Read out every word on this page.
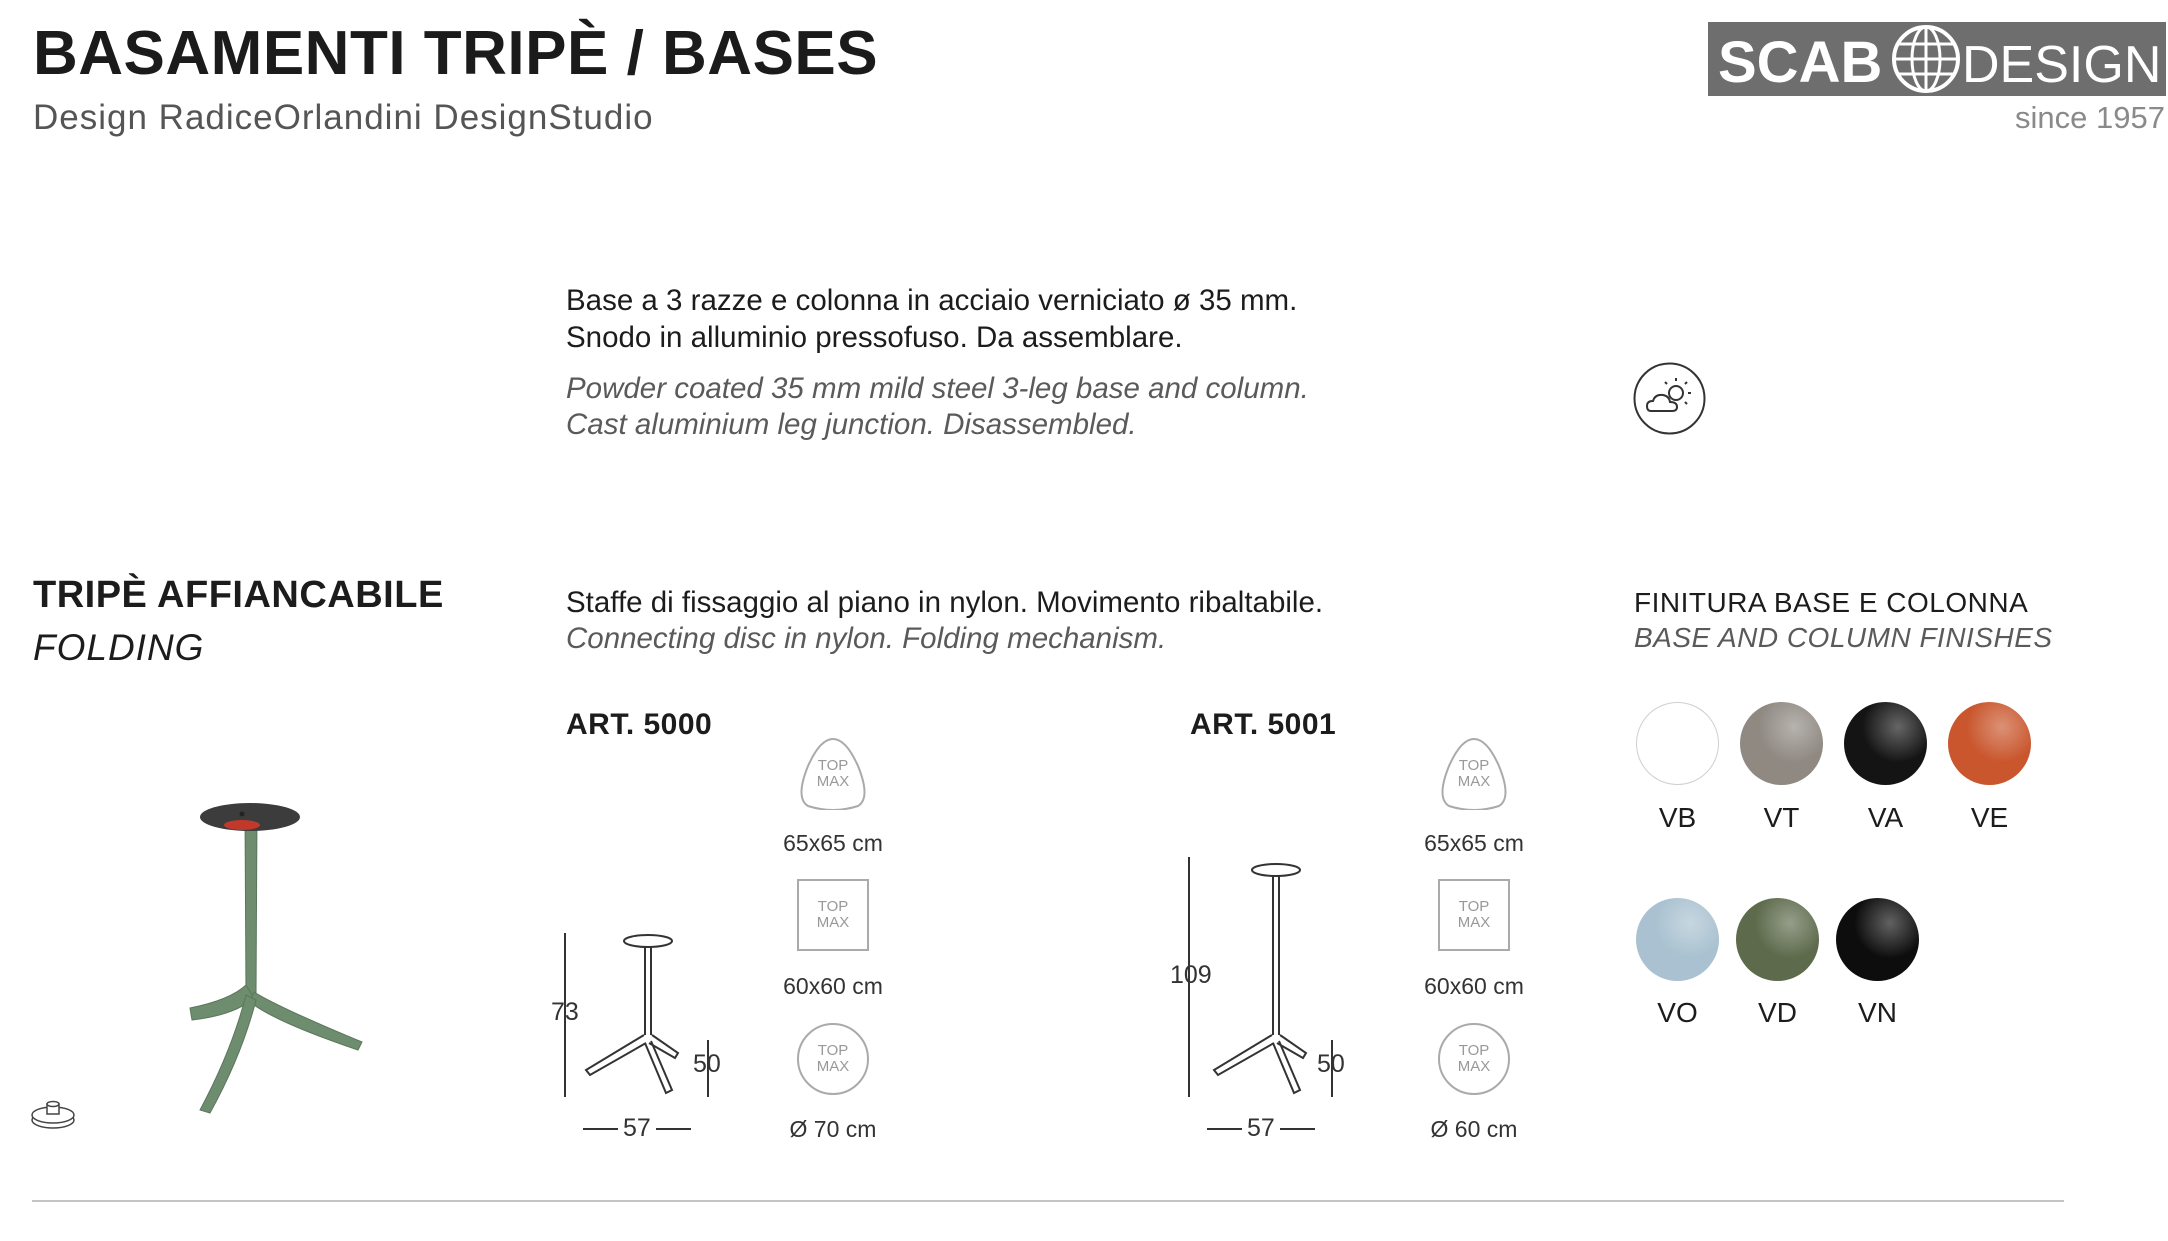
BASAMENTI TRIPÈ / BASES
Design RadiceOrlandini DesignStudio
SCAB DESIGN
since 1957
Base a 3 razze e colonna in acciaio verniciato ø 35 mm.
Snodo in alluminio pressofuso. Da assemblare.
Powder coated 35 mm mild steel 3-leg base and column.
Cast aluminium leg junction. Disassembled.
TRIPÈ AFFIANCABILE
FOLDING
Staffe di fissaggio al piano in nylon. Movimento ribaltabile.
Connecting disc in nylon. Folding mechanism.
ART. 5000
73
50
57
TOP
MAX
65x65 cm
TOP
MAX
60x60 cm
TOP
MAX
Ø 70 cm
ART. 5001
109
50
57
TOP
MAX
65x65 cm
TOP
MAX
60x60 cm
TOP
MAX
Ø 60 cm
FINITURA BASE E COLONNA
BASE AND COLUMN FINISHES
VB	VT	VA	VE
VO	VD	VN
